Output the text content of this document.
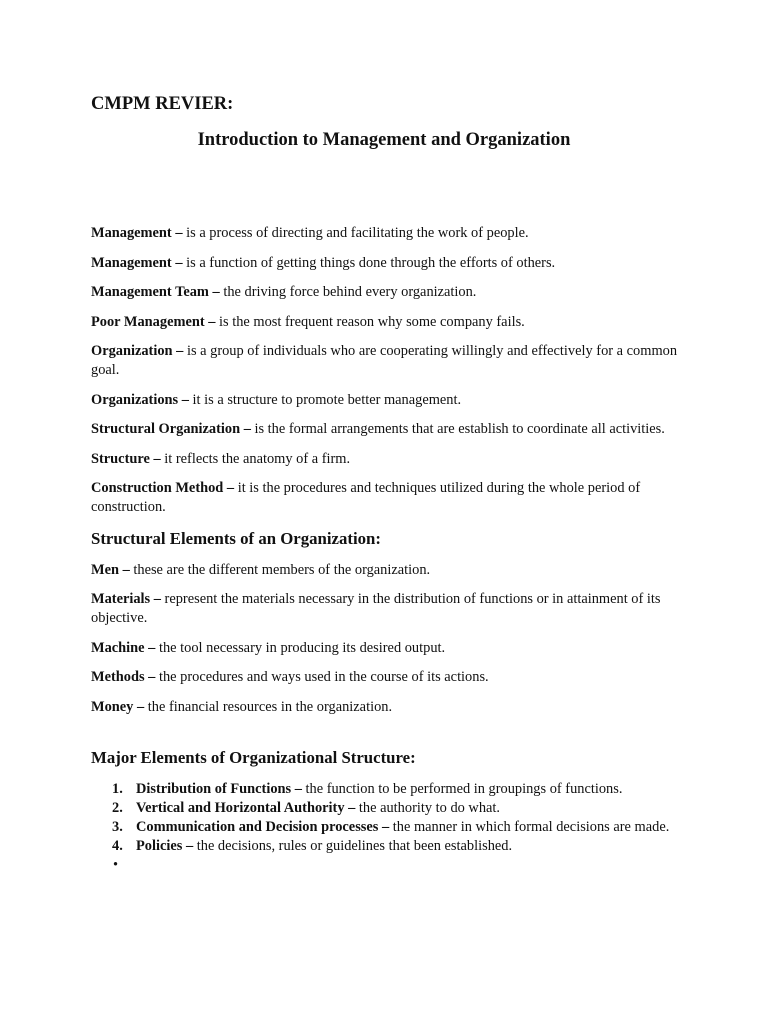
CMPM REVIER:
Introduction to Management and Organization

Management – is a process of directing and facilitating the work of people.

Management – is a function of getting things done through the efforts of others.

Management Team – the driving force behind every organization.

Poor Management – is the most frequent reason why some company fails.

Organization – is a group of individuals who are cooperating willingly and effectively for a common goal.

Organizations – it is a structure to promote better management.

Structural Organization – is the formal arrangements that are establish to coordinate all activities.

Structure – it reflects the anatomy of a firm.

Construction Method – it is the procedures and techniques utilized during the whole period of construction.

Structural Elements of an Organization:

Men – these are the different members of the organization.

Materials – represent the materials necessary in the distribution of functions or in attainment of its objective.

Machine – the tool necessary in producing its desired output.

Methods – the procedures and ways used in the course of its actions.

Money – the financial resources in the organization.

Major Elements of Organizational Structure:
1. Distribution of Functions – the function to be performed in groupings of functions.
2. Vertical and Horizontal Authority – the authority to do what.
3. Communication and Decision processes – the manner in which formal decisions are made.
4. Policies – the decisions, rules or guidelines that been established.
•
